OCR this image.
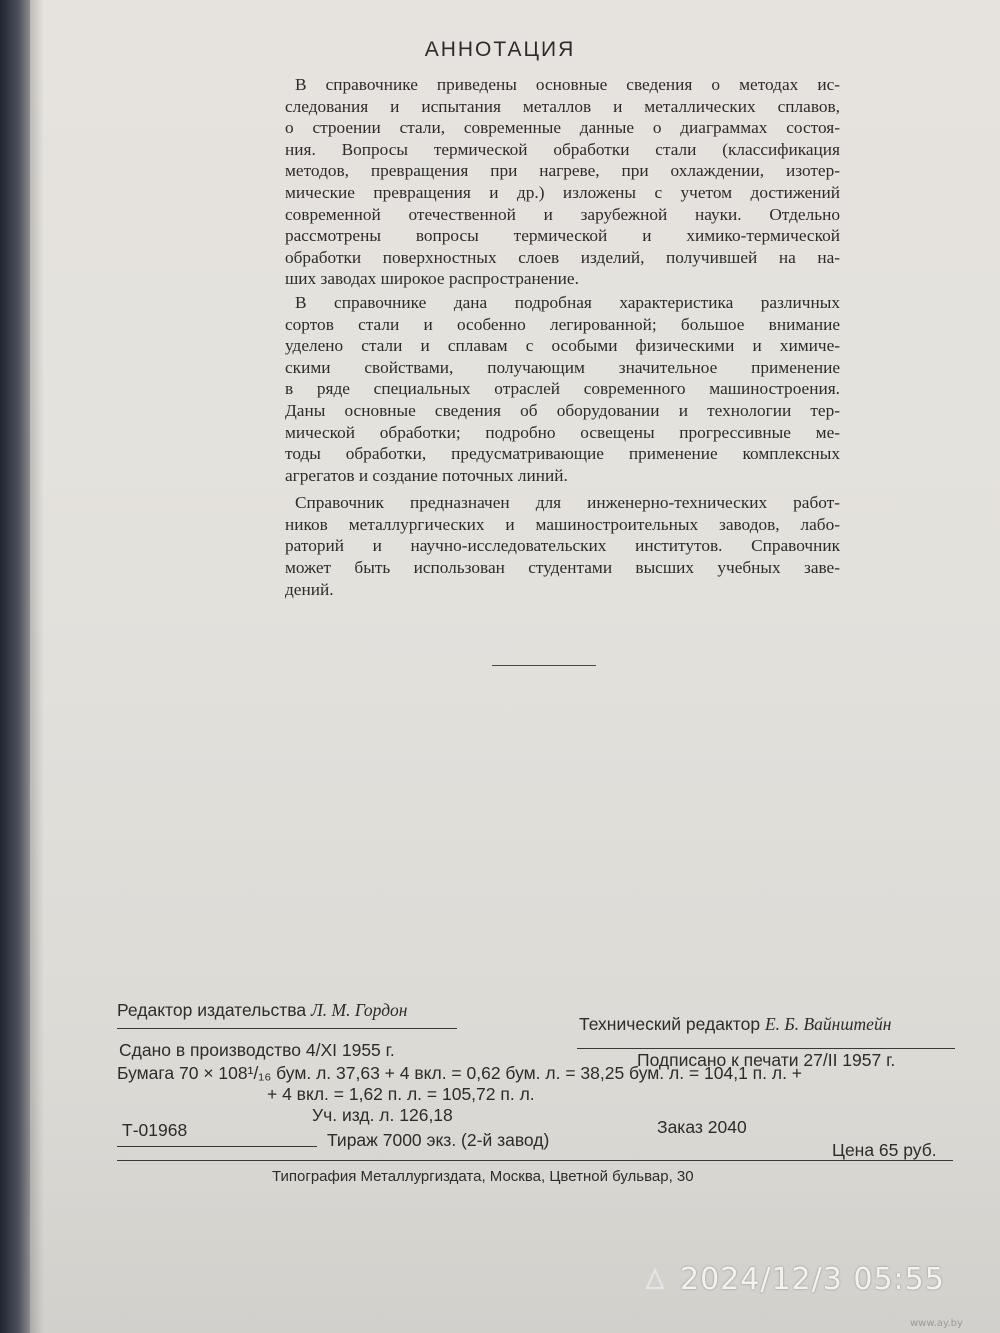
АННОТАЦИЯ
В справочнике приведены основные сведения о методах ис-
следования и испытания металлов и металлических сплавов,
о строении стали, современные данные о диаграммах состоя-
ния. Вопросы термической обработки стали (классификация
методов, превращения при нагреве, при охлаждении, изотер-
мические превращения и др.) изложены с учетом достижений
современной отечественной и зарубежной науки. Отдельно
рассмотрены вопросы термической и химико-термической
обработки поверхностных слоев изделий, получившей на на-
ших заводах широкое распространение.
В справочнике дана подробная характеристика различных
сортов стали и особенно легированной; большое внимание
уделено стали и сплавам с особыми физическими и химиче-
скими свойствами, получающим значительное применение
в ряде специальных отраслей современного машиностроения.
Даны основные сведения об оборудовании и технологии тер-
мической обработки; подробно освещены прогрессивные ме-
тоды обработки, предусматривающие применение комплексных
агрегатов и создание поточных линий.
Справочник предназначен для инженерно-технических работ-
ников металлургических и машиностроительных заводов, лабо-
раторий и научно-исследовательских институтов. Справочник
может быть использован студентами высших учебных заве-
дений.
Редактор издательства Л. М. Гордон
Технический редактор Е. Б. Вайнштейн
Сдано в производство 4/XI 1955 г.	Подписано к печати 27/II 1957 г.
Бумага 70 × 108¹/₁₆ бум. л. 37,63 + 4 вкл. = 0,62 бум. л. = 38,25 бум. л. = 104,1 п. л. +
+ 4 вкл. = 1,62 п. л. = 105,72 п. л.
Уч. изд. л. 126,18
Т-01968	Заказ 2040
Тираж 7000 экз. (2-й завод)	Цена 65 руб.
Типография Металлургиздата, Москва, Цветной бульвар, 30
2024/12/3 05:55
www.ay.by
